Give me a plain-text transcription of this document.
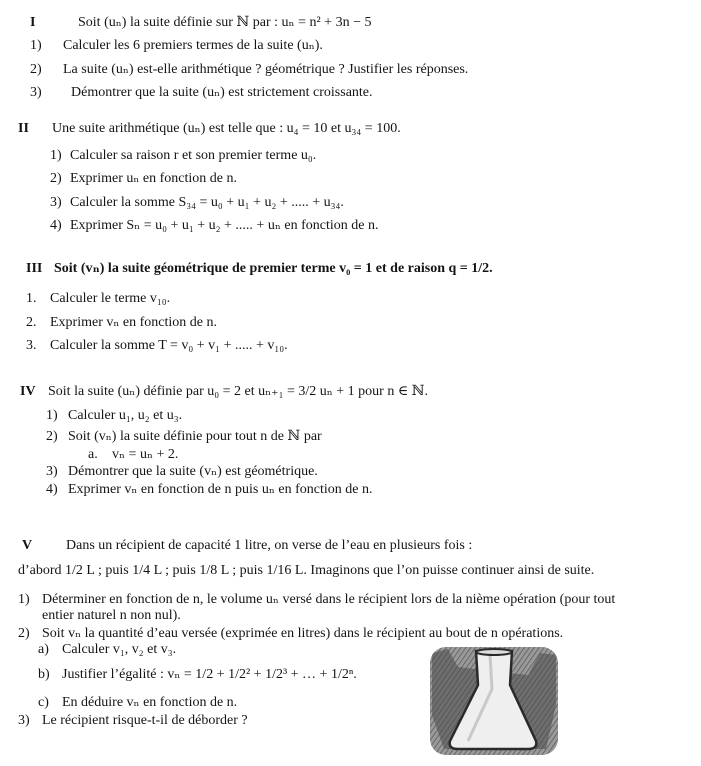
I	Soit (uₙ) la suite définie sur ℕ par : uₙ = n² + 3n − 5
1) Calculer les 6 premiers termes de la suite (uₙ).
2) La suite (uₙ) est-elle arithmétique ? géométrique ? Justifier les réponses.
3) Démontrer que la suite (uₙ) est strictement croissante.
II Une suite arithmétique (uₙ) est telle que : u₄ = 10 et u₃₄ = 100.
1) Calculer sa raison r et son premier terme u₀.
2) Exprimer uₙ en fonction de n.
3) Calculer la somme S₃₄ = u₀ + u₁ + u₂ + ..... + u₃₄.
4) Exprimer Sₙ = u₀ + u₁ + u₂ + ..... + uₙ en fonction de n.
III Soit (vₙ) la suite géométrique de premier terme v₀ = 1 et de raison q = 1/2.
1. Calculer le terme v₁₀.
2. Exprimer vₙ en fonction de n.
3. Calculer la somme T = v₀ + v₁ + ..... + v₁₀.
IV Soit la suite (uₙ) définie par u₀ = 2 et uₙ₊₁ = 3/2 uₙ + 1 pour n ∈ ℕ.
1) Calculer u₁, u₂ et u₃.
2) Soit (vₙ) la suite définie pour tout n de ℕ par
a. vₙ = uₙ + 2.
3) Démontrer que la suite (vₙ) est géométrique.
4) Exprimer vₙ en fonction de n puis uₙ en fonction de n.
V Dans un récipient de capacité 1 litre, on verse de l’eau en plusieurs fois :
d’abord 1/2 L ; puis 1/4 L ; puis 1/8 L ; puis 1/16 L. Imaginons que l’on puisse continuer ainsi de suite.
1) Déterminer en fonction de n, le volume uₙ versé dans le récipient lors de la nième opération (pour tout
entier naturel n non nul).
2) Soit vₙ la quantité d’eau versée (exprimée en litres) dans le récipient au bout de n opérations.
a) Calculer v₁, v₂ et v₃.
b) Justifier l’égalité : vₙ = 1/2 + 1/2² + 1/2³ + … + 1/2ⁿ.
c) En déduire vₙ en fonction de n.
3) Le récipient risque-t-il de déborder ?
